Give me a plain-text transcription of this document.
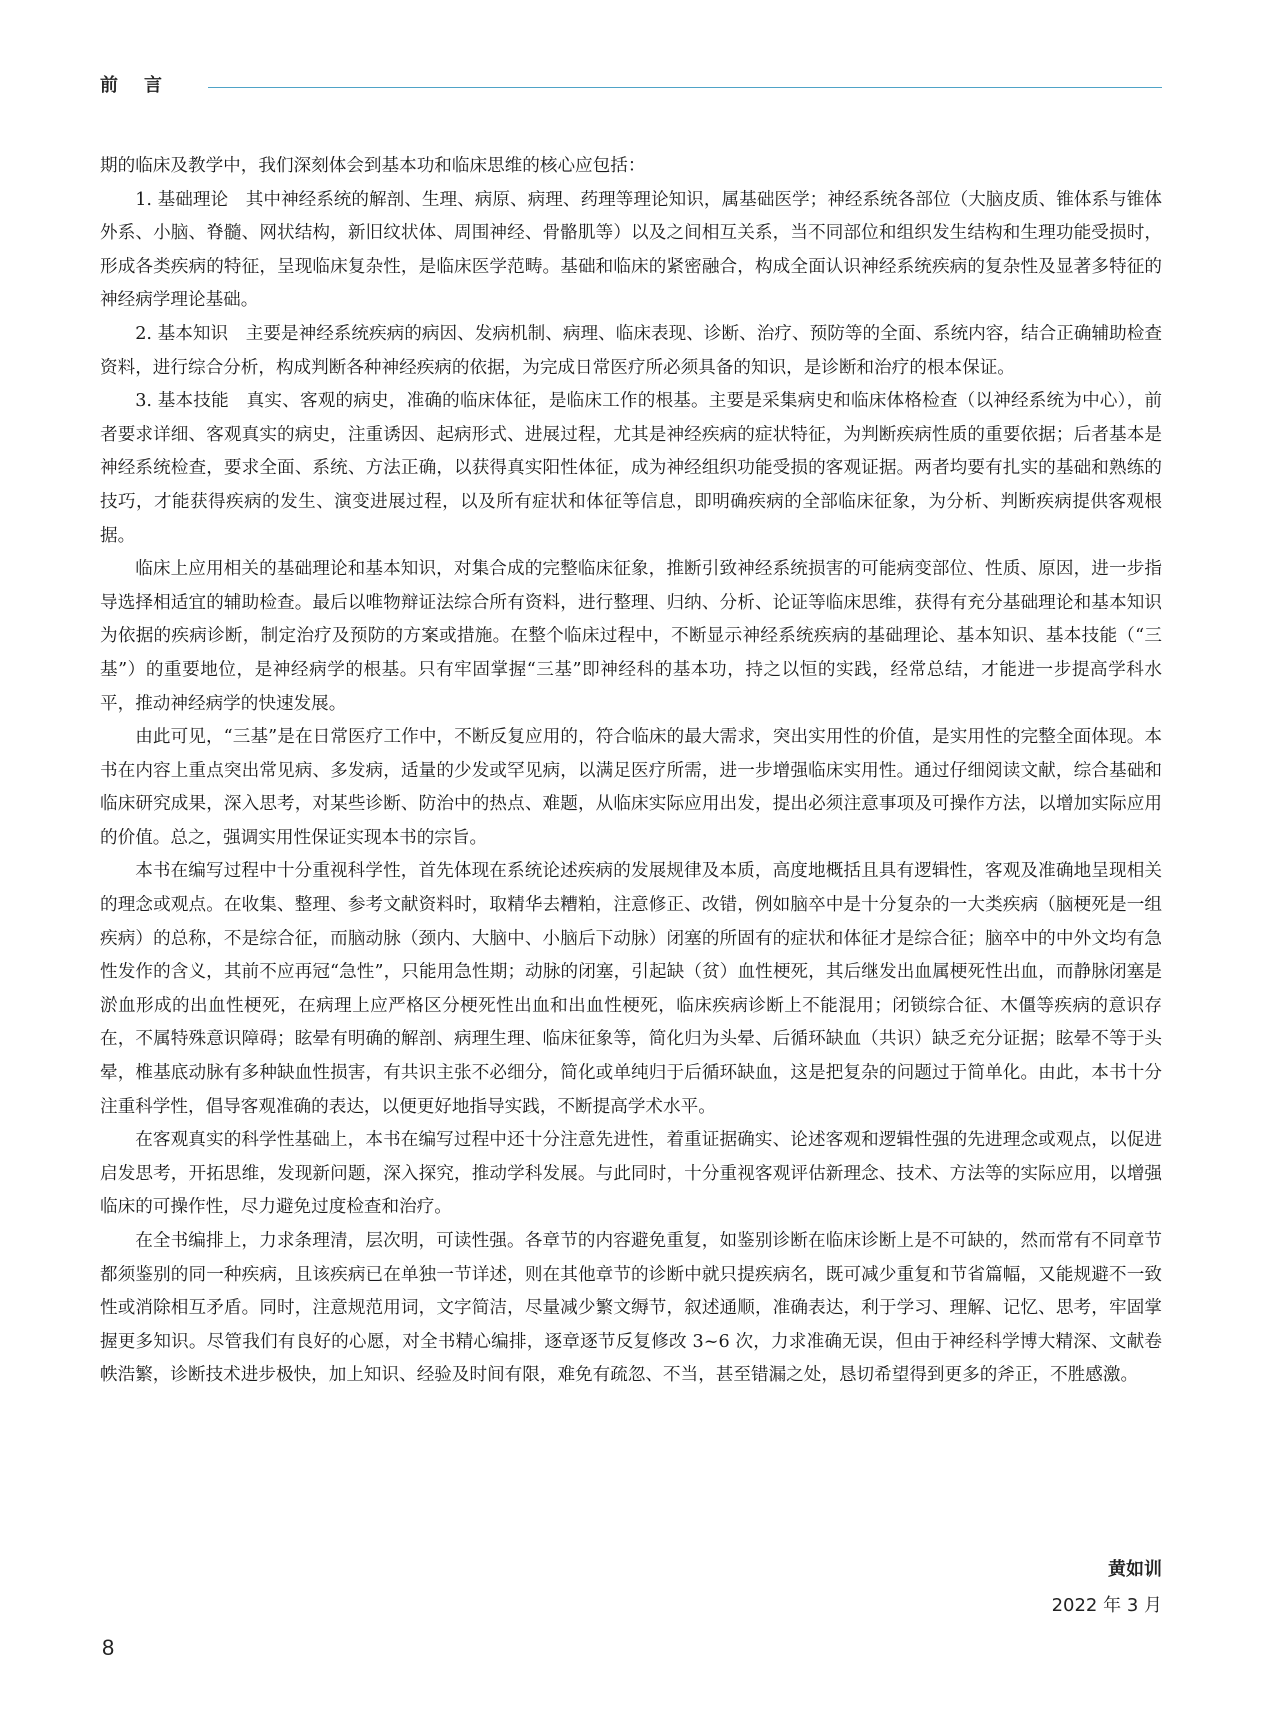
前言

期的临床及教学中，我们深刻体会到基本功和临床思维的核心应包括：

1. 基础理论　其中神经系统的解剖、生理、病原、病理、药理等理论知识，属基础医学；神经系统各部位（大脑皮质、锥体系与锥体外系、小脑、脊髓、网状结构，新旧纹状体、周围神经、骨骼肌等）以及之间相互关系，当不同部位和组织发生结构和生理功能受损时，形成各类疾病的特征，呈现临床复杂性，是临床医学范畴。基础和临床的紧密融合，构成全面认识神经系统疾病的复杂性及显著多特征的神经病学理论基础。

2. 基本知识　主要是神经系统疾病的病因、发病机制、病理、临床表现、诊断、治疗、预防等的全面、系统内容，结合正确辅助检查资料，进行综合分析，构成判断各种神经疾病的依据，为完成日常医疗所必须具备的知识，是诊断和治疗的根本保证。

3. 基本技能　真实、客观的病史，准确的临床体征，是临床工作的根基。主要是采集病史和临床体格检查（以神经系统为中心），前者要求详细、客观真实的病史，注重诱因、起病形式、进展过程，尤其是神经疾病的症状特征，为判断疾病性质的重要依据；后者基本是神经系统检查，要求全面、系统、方法正确，以获得真实阳性体征，成为神经组织功能受损的客观证据。两者均要有扎实的基础和熟练的技巧，才能获得疾病的发生、演变进展过程，以及所有症状和体征等信息，即明确疾病的全部临床征象，为分析、判断疾病提供客观根据。

临床上应用相关的基础理论和基本知识，对集合成的完整临床征象，推断引致神经系统损害的可能病变部位、性质、原因，进一步指导选择相适宜的辅助检查。最后以唯物辩证法综合所有资料，进行整理、归纳、分析、论证等临床思维，获得有充分基础理论和基本知识为依据的疾病诊断，制定治疗及预防的方案或措施。在整个临床过程中，不断显示神经系统疾病的基础理论、基本知识、基本技能（“三基”）的重要地位，是神经病学的根基。只有牢固掌握“三基”即神经科的基本功，持之以恒的实践，经常总结，才能进一步提高学科水平，推动神经病学的快速发展。

由此可见，“三基”是在日常医疗工作中，不断反复应用的，符合临床的最大需求，突出实用性的价值，是实用性的完整全面体现。本书在内容上重点突出常见病、多发病，适量的少发或罕见病，以满足医疗所需，进一步增强临床实用性。通过仔细阅读文献，综合基础和临床研究成果，深入思考，对某些诊断、防治中的热点、难题，从临床实际应用出发，提出必须注意事项及可操作方法，以增加实际应用的价值。总之，强调实用性保证实现本书的宗旨。

本书在编写过程中十分重视科学性，首先体现在系统论述疾病的发展规律及本质，高度地概括且具有逻辑性，客观及准确地呈现相关的理念或观点。在收集、整理、参考文献资料时，取精华去糟粕，注意修正、改错，例如脑卒中是十分复杂的一大类疾病（脑梗死是一组疾病）的总称，不是综合征，而脑动脉（颈内、大脑中、小脑后下动脉）闭塞的所固有的症状和体征才是综合征；脑卒中的中外文均有急性发作的含义，其前不应再冠“急性”，只能用急性期；动脉的闭塞，引起缺（贫）血性梗死，其后继发出血属梗死性出血，而静脉闭塞是淤血形成的出血性梗死，在病理上应严格区分梗死性出血和出血性梗死，临床疾病诊断上不能混用；闭锁综合征、木僵等疾病的意识存在，不属特殊意识障碍；眩晕有明确的解剖、病理生理、临床征象等，简化归为头晕、后循环缺血（共识）缺乏充分证据；眩晕不等于头晕，椎基底动脉有多种缺血性损害，有共识主张不必细分，简化或单纯归于后循环缺血，这是把复杂的问题过于简单化。由此，本书十分注重科学性，倡导客观准确的表达，以便更好地指导实践，不断提高学术水平。

在客观真实的科学性基础上，本书在编写过程中还十分注意先进性，着重证据确实、论述客观和逻辑性强的先进理念或观点，以促进启发思考，开拓思维，发现新问题，深入探究，推动学科发展。与此同时，十分重视客观评估新理念、技术、方法等的实际应用，以增强临床的可操作性，尽力避免过度检查和治疗。

在全书编排上，力求条理清，层次明，可读性强。各章节的内容避免重复，如鉴别诊断在临床诊断上是不可缺的，然而常有不同章节都须鉴别的同一种疾病，且该疾病已在单独一节详述，则在其他章节的诊断中就只提疾病名，既可减少重复和节省篇幅，又能规避不一致性或消除相互矛盾。同时，注意规范用词，文字简洁，尽量减少繁文缛节，叙述通顺，准确表达，利于学习、理解、记忆、思考，牢固掌握更多知识。尽管我们有良好的心愿，对全书精心编排，逐章逐节反复修改 3~6 次，力求准确无误，但由于神经科学博大精深、文献卷帙浩繁，诊断技术进步极快，加上知识、经验及时间有限，难免有疏忽、不当，甚至错漏之处，恳切希望得到更多的斧正，不胜感激。

黄如训
2022 年 3 月
8
